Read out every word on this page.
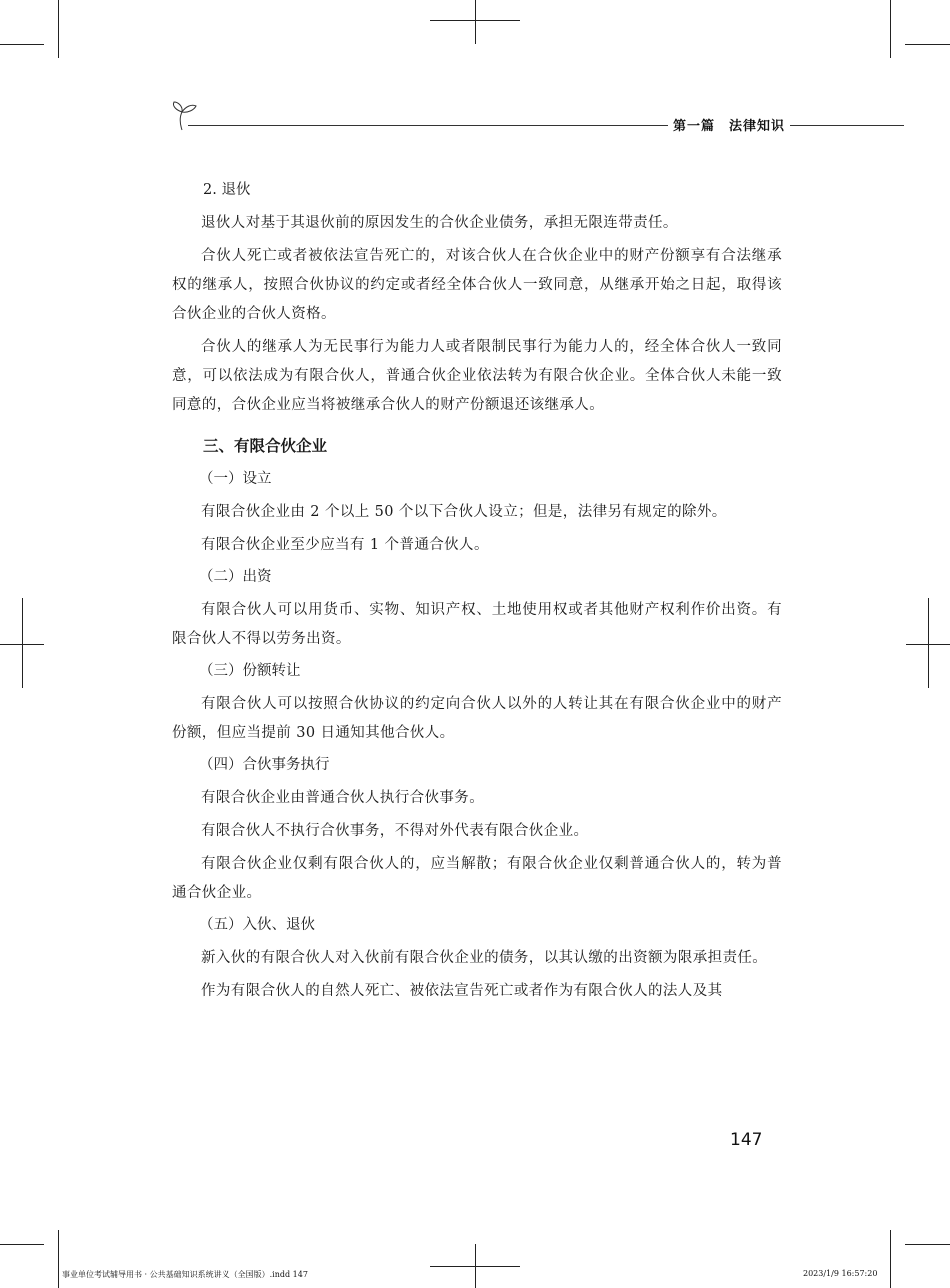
第一篇　法律知识

2. 退伙

退伙人对基于其退伙前的原因发生的合伙企业债务，承担无限连带责任。

合伙人死亡或者被依法宣告死亡的，对该合伙人在合伙企业中的财产份额享有合法继承权的继承人，按照合伙协议的约定或者经全体合伙人一致同意，从继承开始之日起，取得该合伙企业的合伙人资格。

合伙人的继承人为无民事行为能力人或者限制民事行为能力人的，经全体合伙人一致同意，可以依法成为有限合伙人，普通合伙企业依法转为有限合伙企业。全体合伙人未能一致同意的，合伙企业应当将被继承合伙人的财产份额退还该继承人。

三、有限合伙企业

（一）设立

有限合伙企业由 2 个以上 50 个以下合伙人设立；但是，法律另有规定的除外。

有限合伙企业至少应当有 1 个普通合伙人。

（二）出资

有限合伙人可以用货币、实物、知识产权、土地使用权或者其他财产权利作价出资。有限合伙人不得以劳务出资。

（三）份额转让

有限合伙人可以按照合伙协议的约定向合伙人以外的人转让其在有限合伙企业中的财产份额，但应当提前 30 日通知其他合伙人。

（四）合伙事务执行

有限合伙企业由普通合伙人执行合伙事务。

有限合伙人不执行合伙事务，不得对外代表有限合伙企业。

有限合伙企业仅剩有限合伙人的，应当解散；有限合伙企业仅剩普通合伙人的，转为普通合伙企业。

（五）入伙、退伙

新入伙的有限合伙人对入伙前有限合伙企业的债务，以其认缴的出资额为限承担责任。

作为有限合伙人的自然人死亡、被依法宣告死亡或者作为有限合伙人的法人及其

147
事业单位考试辅导用书 · 公共基础知识系统讲义（全国版）.indd 147	2023/1/9 16:57:20
